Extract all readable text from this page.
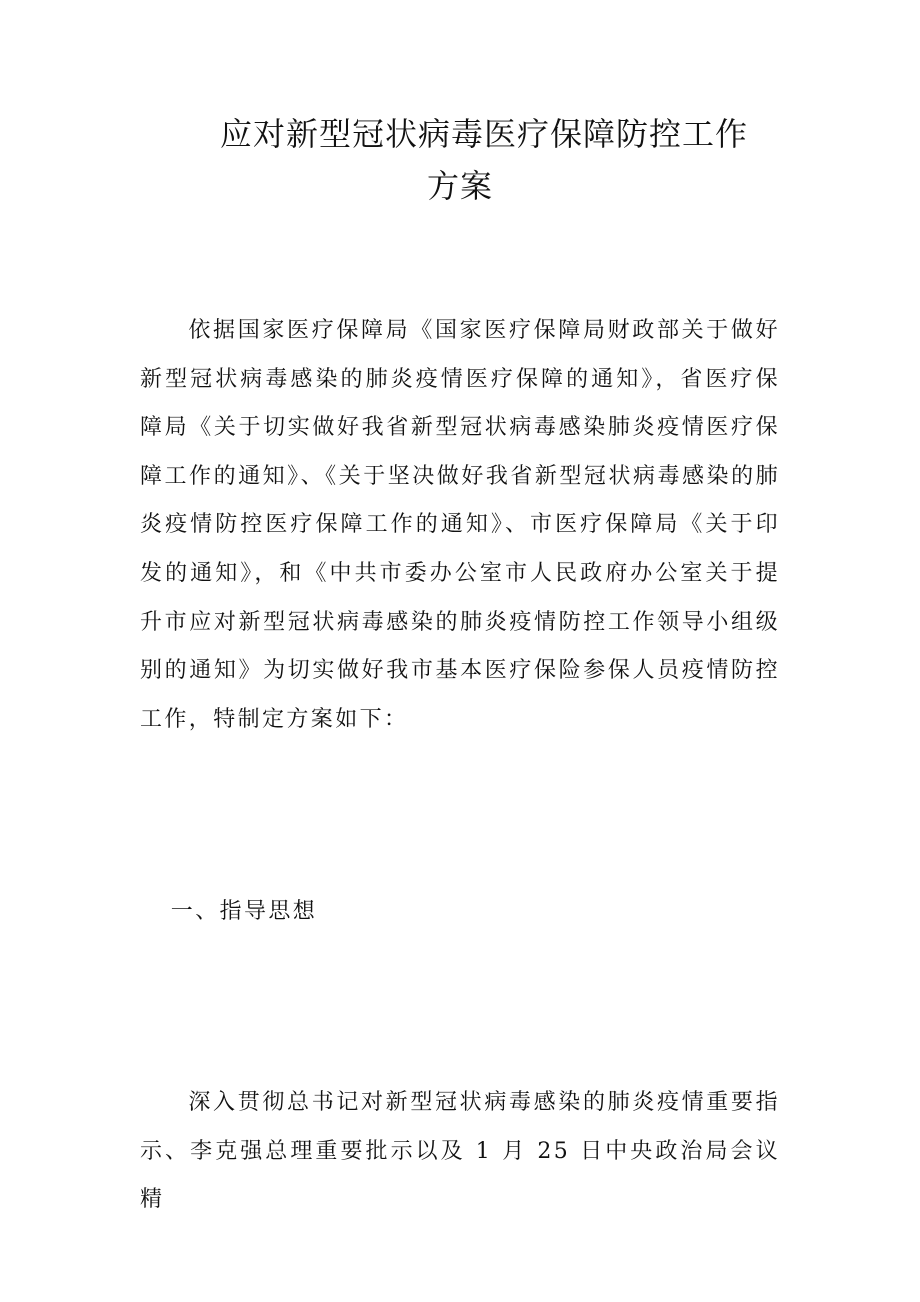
应对新型冠状病毒医疗保障防控工作
方案

依据国家医疗保障局《国家医疗保障局财政部关于做好新型冠状病毒感染的肺炎疫情医疗保障的通知》，省医疗保障局《关于切实做好我省新型冠状病毒感染肺炎疫情医疗保障工作的通知》、《关于坚决做好我省新型冠状病毒感染的肺炎疫情防控医疗保障工作的通知》、市医疗保障局《关于印发的通知》，和《中共市委办公室市人民政府办公室关于提升市应对新型冠状病毒感染的肺炎疫情防控工作领导小组级别的通知》为切实做好我市基本医疗保险参保人员疫情防控工作，特制定方案如下：

一、指导思想

深入贯彻总书记对新型冠状病毒感染的肺炎疫情重要指示、李克强总理重要批示以及 1 月 25 日中央政治局会议精
